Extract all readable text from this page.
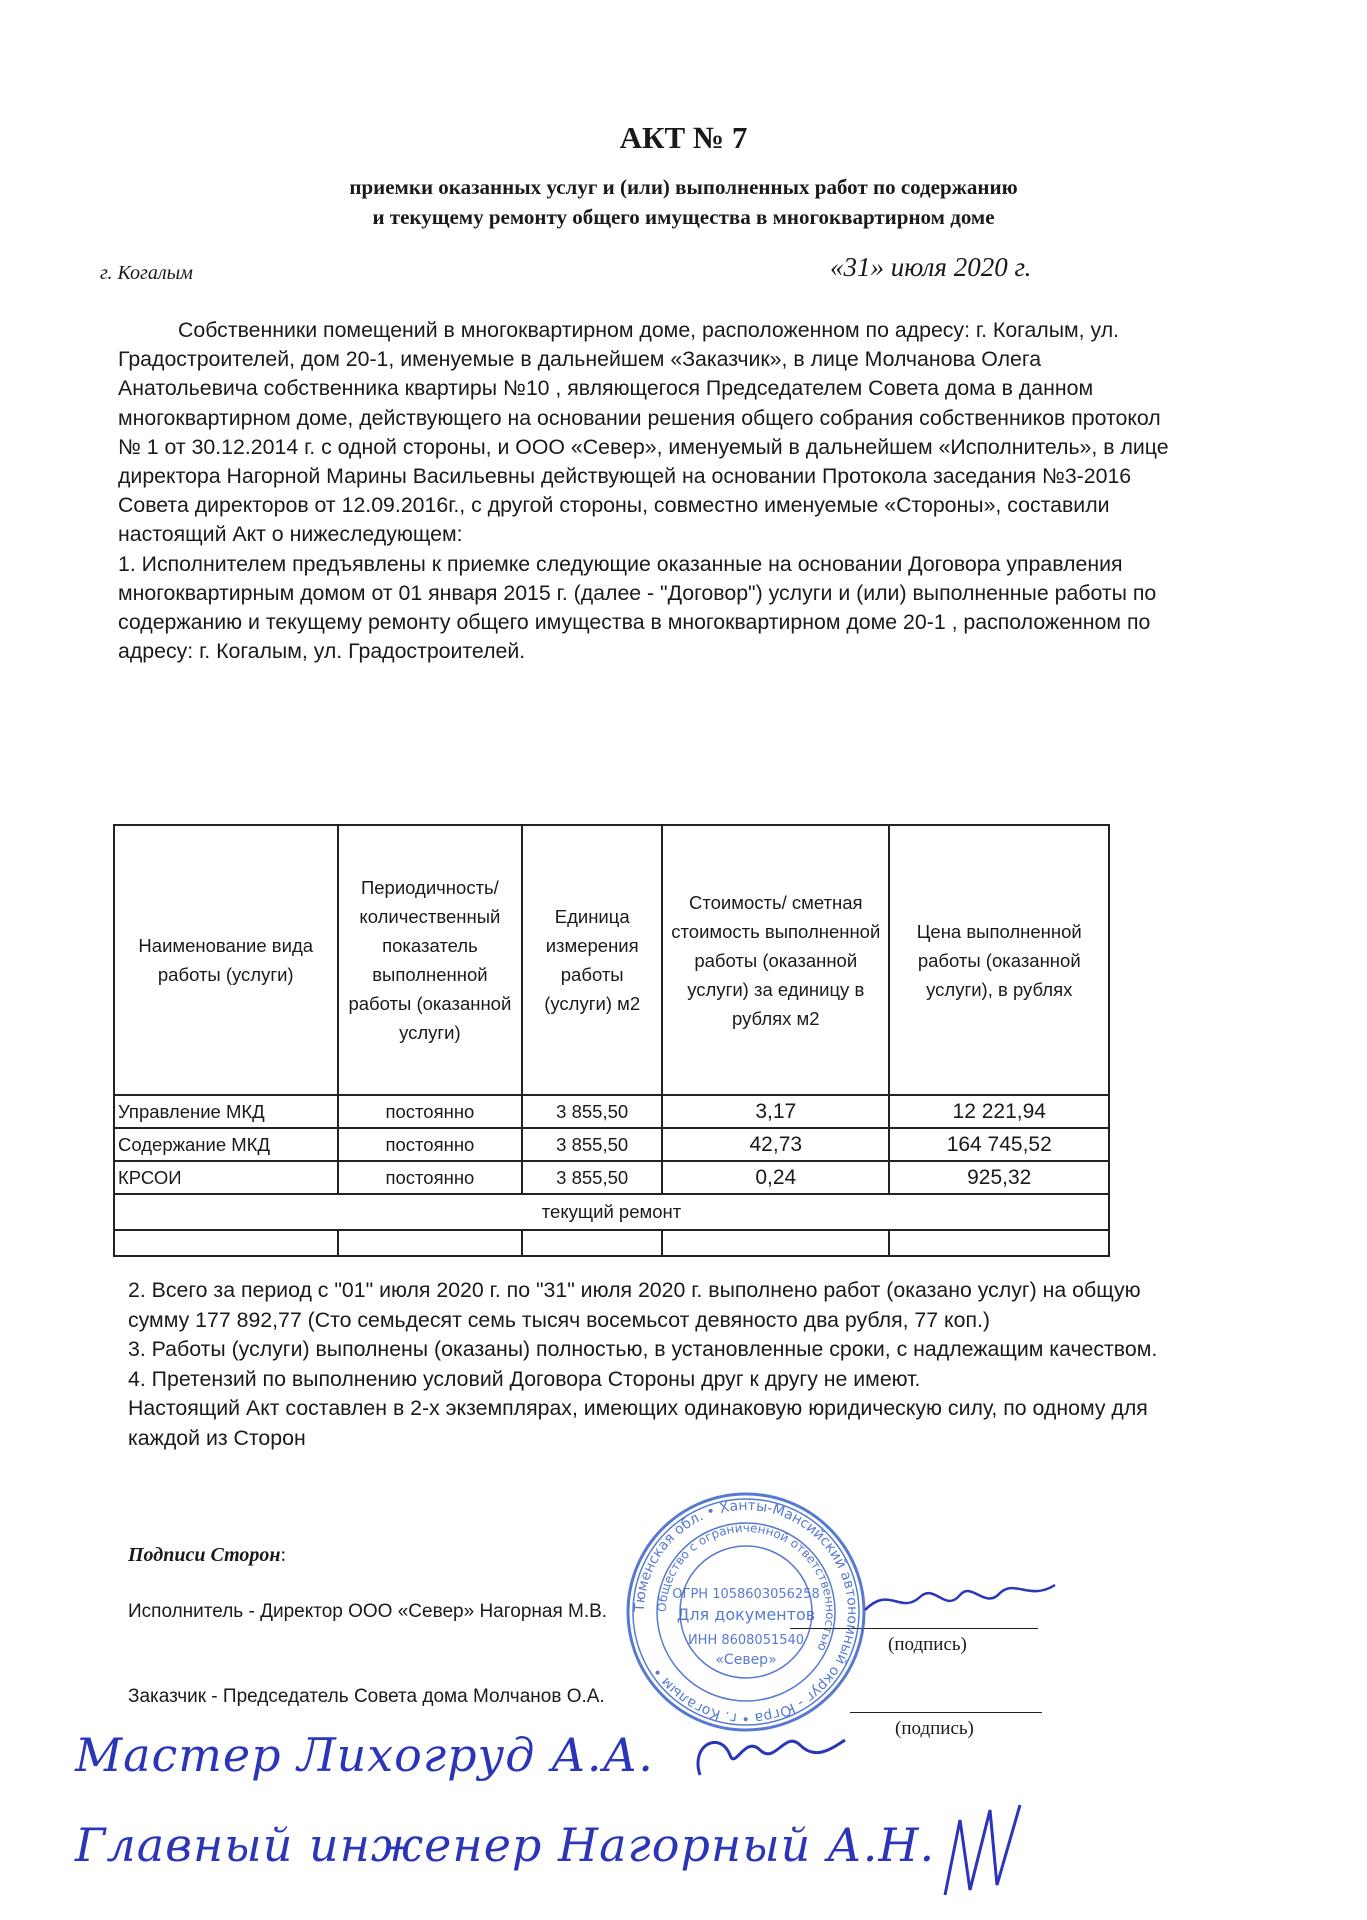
АКТ № 7
приемки оказанных услуг и (или) выполненных работ по содержанию
и текущему ремонту общего имущества в многоквартирном доме
г. Когалым	«31» июля 2020 г.

Собственники помещений в многоквартирном доме, расположенном по адресу: г. Когалым, ул. Градостроителей, дом 20-1, именуемые в дальнейшем «Заказчик», в лице Молчанова Олега Анатольевича собственника квартиры №10 , являющегося Председателем Совета дома в данном многоквартирном доме, действующего на основании решения общего собрания собственников протокол № 1 от 30.12.2014 г. с одной стороны, и ООО «Север», именуемый в дальнейшем «Исполнитель», в лице директора Нагорной Марины Васильевны действующей на основании Протокола заседания №3-2016 Совета директоров от 12.09.2016г., с другой стороны, совместно именуемые «Стороны», составили настоящий Акт о нижеследующем:

1. Исполнителем предъявлены к приемке следующие оказанные на основании Договора управления многоквартирным домом от 01 января 2015 г. (далее - "Договор") услуги и (или) выполненные работы по содержанию и текущему ремонту общего имущества в многоквартирном доме 20-1 , расположенном по адресу: г. Когалым, ул. Градостроителей.

Наименование вида работы (услуги)	Периодичность/ количественный показатель выполненной работы (оказанной услуги)	Единица измерения работы (услуги) м2	Стоимость/ сметная стоимость выполненной работы (оказанной услуги) за единицу в рублях м2	Цена выполненной работы (оказанной услуги), в рублях
Управление МКД	постоянно	3 855,50	3,17	12 221,94
Содержание МКД	постоянно	3 855,50	42,73	164 745,52
КРСОИ	постоянно	3 855,50	0,24	925,32
текущий ремонт				

2. Всего за период с "01" июля 2020 г. по "31" июля 2020 г. выполнено работ (оказано услуг) на общую сумму 177 892,77 (Сто семьдесят семь тысяч восемьсот девяносто два рубля, 77 коп.)

3. Работы (услуги) выполнены (оказаны) полностью, в установленные сроки, с надлежащим качеством.

4. Претензий по выполнению условий Договора Стороны друг к другу не имеют.

Настоящий Акт составлен в 2-х экземплярах, имеющих одинаковую юридическую силу, по одному для каждой из Сторон

Подписи Сторон:
Исполнитель - Директор ООО «Север» Нагорная М.В.
(подпись)
Заказчик - Председатель Совета дома Молчанов О.А.
(подпись)
Тюменская обл. • Ханты-Мансийский автономный округ - Югра • г. Когалым •
Общество с ограниченной ответственностью
ОГРН 1058603056258
Для документов
ИНН 8608051540
«Север»
Мастер Лихогруд А.А.
Главный инженер Нагорный А.Н.
